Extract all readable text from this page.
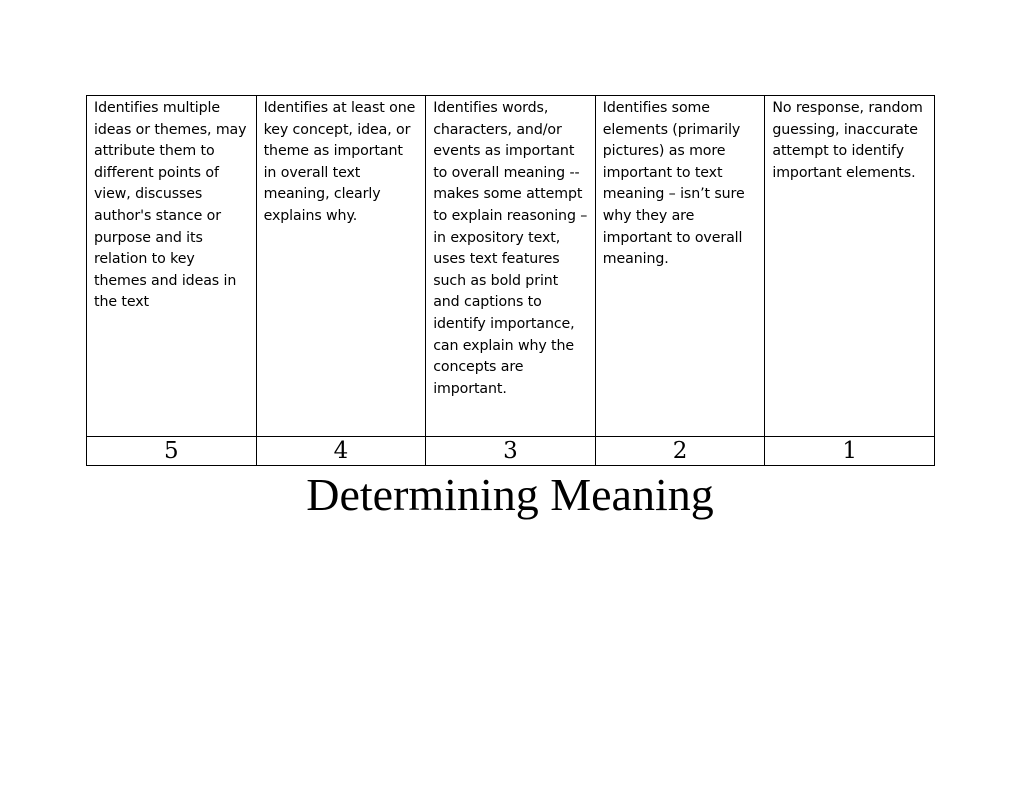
Identifies multiple ideas or themes, may attribute them to different points of view, discusses author's stance or purpose and its relation to key themes and ideas in the text	Identifies at least one key concept, idea, or theme as important in overall text meaning, clearly explains why.	Identifies words, characters, and/or events as important to overall meaning -- makes some attempt to explain reasoning – in expository text, uses text features such as bold print and captions to identify importance, can explain why the concepts are important.	Identifies some elements (primarily pictures) as more important to text meaning – isn’t sure why they are important to overall meaning.	No response, random guessing, inaccurate attempt to identify important elements.

5	4	3	2	1
Determining Meaning
